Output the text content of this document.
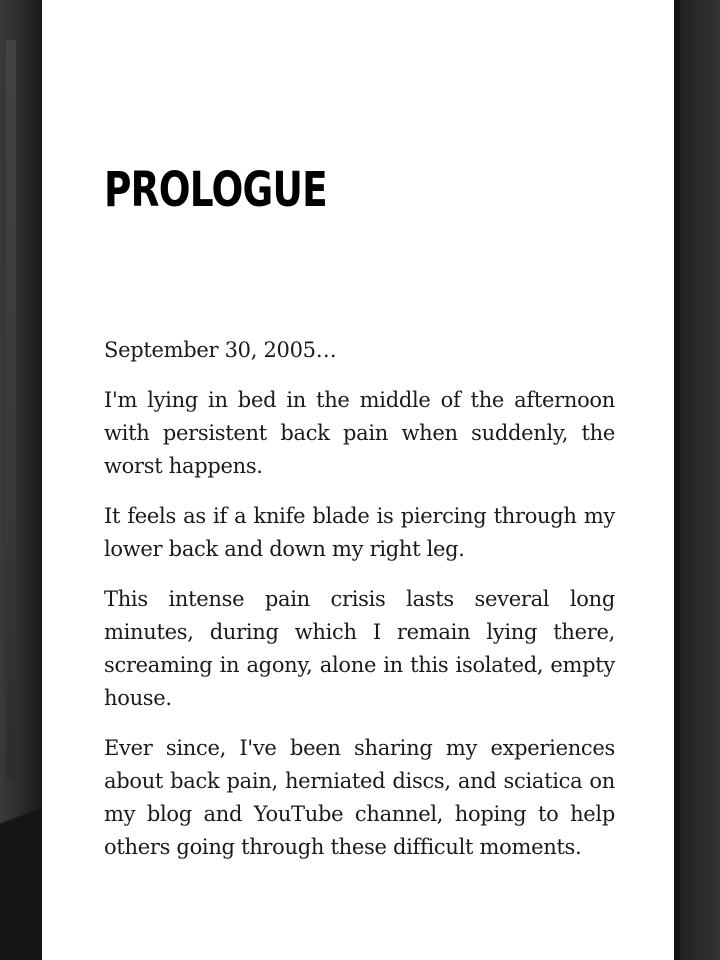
PROLOGUE

September 30, 2005…

I'm lying in bed in the middle of the afternoon with persistent back pain when suddenly, the worst happens.

It feels as if a knife blade is piercing through my lower back and down my right leg.

This intense pain crisis lasts several long minutes, during which I remain lying there, screaming in agony, alone in this isolated, empty house.

Ever since, I've been sharing my experiences about back pain, herniated discs, and sciatica on my blog and YouTube channel, hoping to help others going through these difficult moments.
